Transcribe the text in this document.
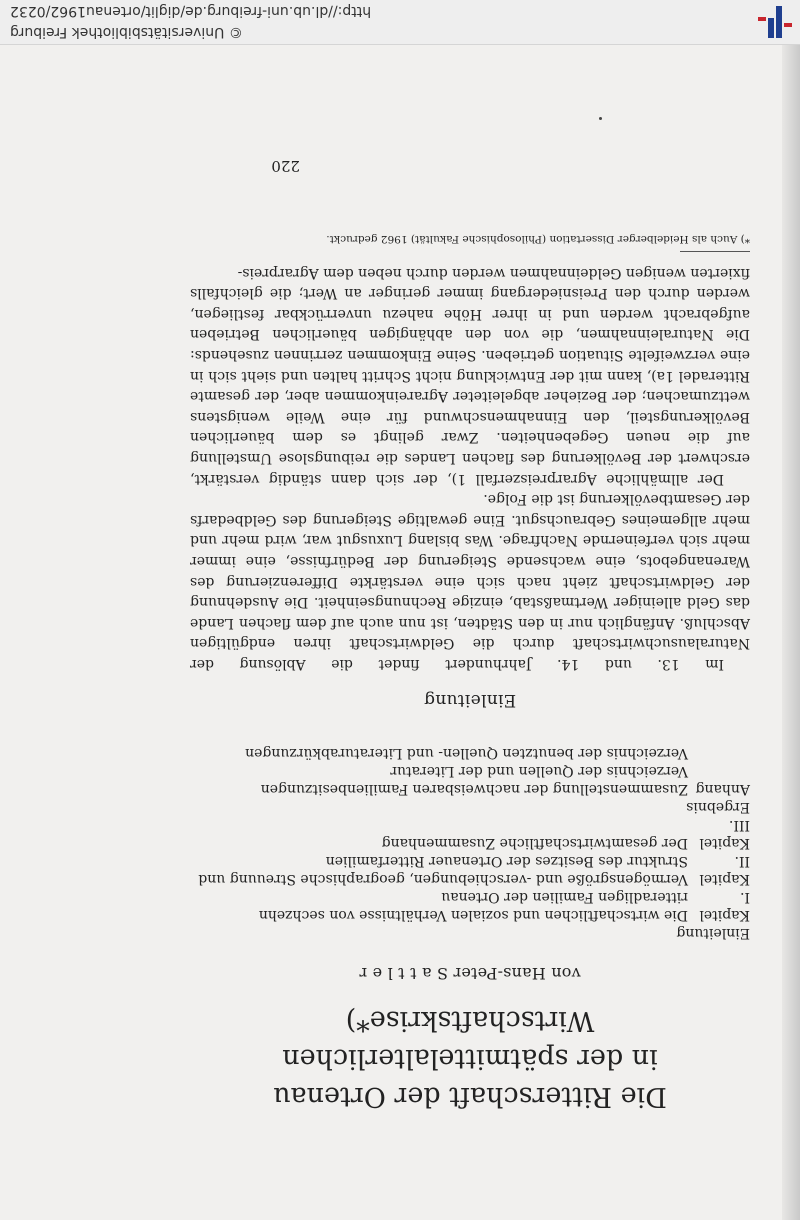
Die Ritterschaft der Ortenau
in der spätmittelalterlichen Wirtschaftskrise*)
von Hans-Peter S a t t l e r
Einleitung
Kapitel I.
Die wirtschaftlichen und sozialen Verhältnisse von sechzehn ritteradligen Familien der Ortenau
Kapitel II.
Vermögensgröße und -verschiebungen, geographische Streuung und Struktur des Besitzes der Ortenauer Ritterfamilien
Kapitel III.
Der gesamtwirtschaftliche Zusammenhang
Ergebnis
Anhang
Zusammenstellung der nachweisbaren Familienbesitzungen
Verzeichnis der Quellen und der Literatur
Verzeichnis der benutzten Quellen- und Literaturabkürzungen
Einleitung

Im 13. und 14. Jahrhundert findet die Ablösung der Naturalausuchwirtschaft durch die Geldwirtschaft ihren endgültigen Abschluß. Anfänglich nur in den Städten, ist nun auch auf dem flachen Lande das Geld alleiniger Wertmaßstab, einzige Rechnungseinheit. Die Ausdehnung der Geldwirtschaft zieht nach sich eine verstärkte Differenzierung des Warenangebots, eine wachsende Steigerung der Bedürfnisse, eine immer mehr sich verfeinernde Nachfrage. Was bislang Luxusgut war, wird mehr und mehr allgemeines Gebrauchsgut. Eine gewaltige Steigerung des Geldbedarfs der Gesamtbevölkerung ist die Folge.

Der allmähliche Agrarpreiszerfall 1), der sich dann ständig verstärkt, erschwert der Bevölkerung des flachen Landes die reibungslose Umstellung auf die neuen Gegebenheiten. Zwar gelingt es dem bäuerlichen Bevölkerungsteil, den Einnahmenschwund für eine Weile wenigstens wettzumachen; der Bezieher abgeleiteter Agrareinkommen aber, der gesamte Ritteradel 1a), kann mit der Entwicklung nicht Schritt halten und sieht sich in eine verzweifelte Situation getrieben. Seine Einkommen zerrinnen zusehends: Die Naturaleinnahmen, die von den abhängigen bäuerlichen Betrieben aufgebracht werden und in ihrer Höhe nahezu unverrückbar festliegen, werden durch den Preisniedergang immer geringer an Wert; die gleichfalls fixierten wenigen Geldeinnahmen werden durch neben dem Agrarpreis-

*) Auch als Heidelberger Dissertation (Philosophische Fakultät) 1962 gedruckt.

220
© Universitätsbibliothek Freiburg
http://dl.ub.uni-freiburg.de/diglit/ortenau1962/0232
